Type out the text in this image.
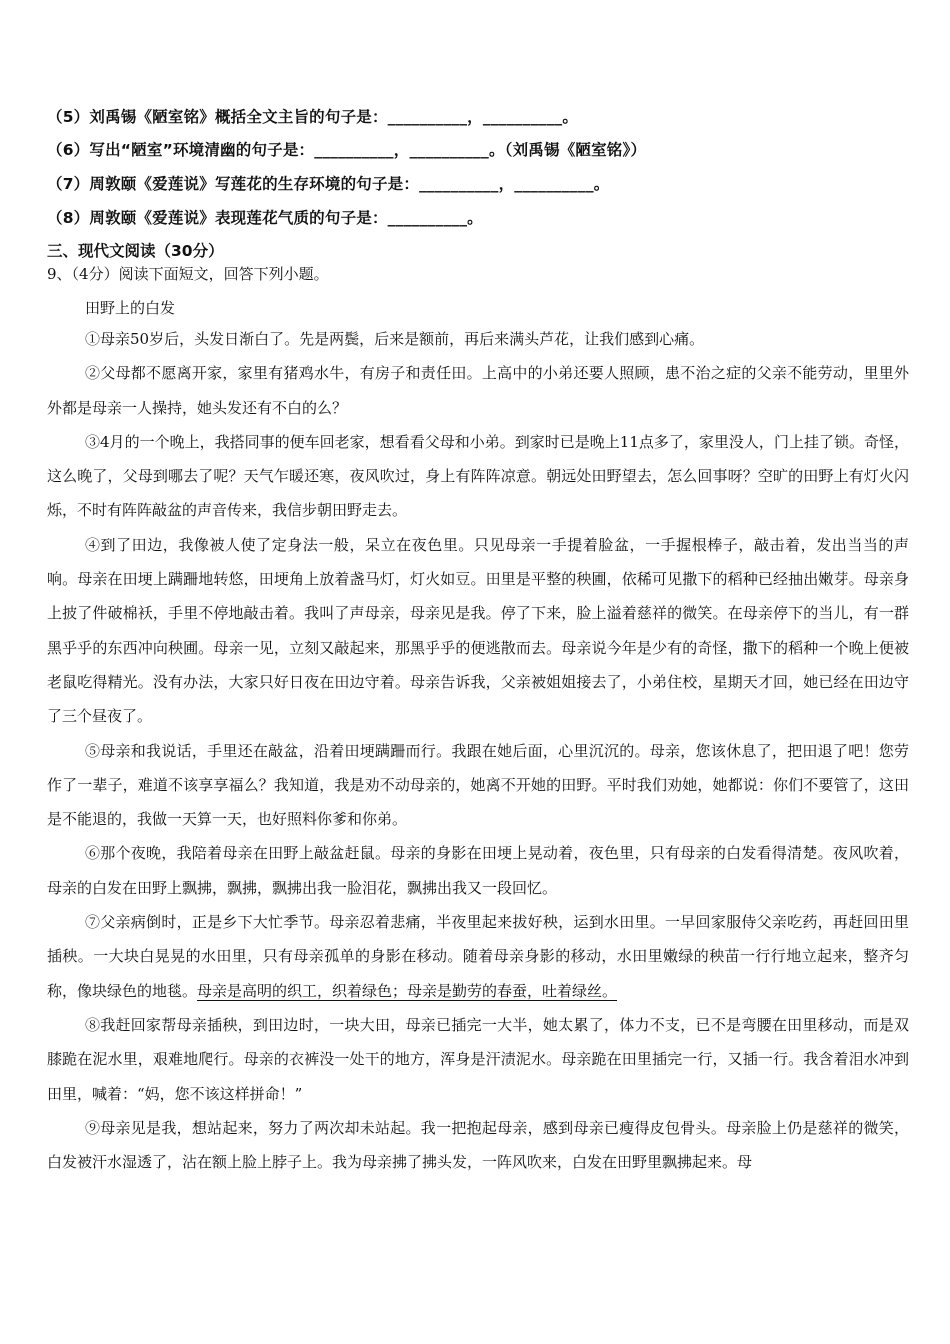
（5）刘禹锡《陋室铭》概括全文主旨的句子是：__________，__________。
（6）写出“陋室”环境清幽的句子是：__________，__________。（刘禹锡《陋室铭》）
（7）周敦颐《爱莲说》写莲花的生存环境的句子是：__________，__________。
（8）周敦颐《爱莲说》表现莲花气质的句子是：__________。
三、现代文阅读（30分）
9、（4分）阅读下面短文，回答下列小题。
田野上的白发

①母亲50岁后，头发日渐白了。先是两鬓，后来是额前，再后来满头芦花，让我们感到心痛。

②父母都不愿离开家，家里有猪鸡水牛，有房子和责任田。上高中的小弟还要人照顾，患不治之症的父亲不能劳动，里里外外都是母亲一人操持，她头发还有不白的么？

③4月的一个晚上，我搭同事的便车回老家，想看看父母和小弟。到家时已是晚上11点多了，家里没人，门上挂了锁。奇怪，这么晚了，父母到哪去了呢？天气乍暖还寒，夜风吹过，身上有阵阵凉意。朝远处田野望去，怎么回事呀？空旷的田野上有灯火闪烁，不时有阵阵敲盆的声音传来，我信步朝田野走去。

④到了田边，我像被人使了定身法一般，呆立在夜色里。只见母亲一手提着脸盆，一手握根棒子，敲击着，发出当当的声响。母亲在田埂上蹒跚地转悠，田埂角上放着盏马灯，灯火如豆。田里是平整的秧圃，依稀可见撒下的稻种已经抽出嫩芽。母亲身上披了件破棉袄，手里不停地敲击着。我叫了声母亲，母亲见是我。停了下来，脸上溢着慈祥的微笑。在母亲停下的当儿，有一群黑乎乎的东西冲向秧圃。母亲一见，立刻又敲起来，那黑乎乎的便逃散而去。母亲说今年是少有的奇怪，撒下的稻种一个晚上便被老鼠吃得精光。没有办法，大家只好日夜在田边守着。母亲告诉我，父亲被姐姐接去了，小弟住校，星期天才回，她已经在田边守了三个昼夜了。

⑤母亲和我说话，手里还在敲盆，沿着田埂蹒跚而行。我跟在她后面，心里沉沉的。母亲，您该休息了，把田退了吧！您劳作了一辈子，难道不该享享福么？我知道，我是劝不动母亲的，她离不开她的田野。平时我们劝她，她都说：你们不要管了，这田是不能退的，我做一天算一天，也好照料你爹和你弟。

⑥那个夜晚，我陪着母亲在田野上敲盆赶鼠。母亲的身影在田埂上晃动着，夜色里，只有母亲的白发看得清楚。夜风吹着，母亲的白发在田野上飘拂，飘拂，飘拂出我一脸泪花，飘拂出我又一段回忆。

⑦父亲病倒时，正是乡下大忙季节。母亲忍着悲痛，半夜里起来拔好秧，运到水田里。一早回家服侍父亲吃药，再赶回田里插秧。一大块白晃晃的水田里，只有母亲孤单的身影在移动。随着母亲身影的移动，水田里嫩绿的秧苗一行行地立起来，整齐匀称，像块绿色的地毯。母亲是高明的织工，织着绿色；母亲是勤劳的春蚕，吐着绿丝。

⑧我赶回家帮母亲插秧，到田边时，一块大田，母亲已插完一大半，她太累了，体力不支，已不是弯腰在田里移动，而是双膝跪在泥水里，艰难地爬行。母亲的衣裤没一处干的地方，浑身是汗渍泥水。母亲跪在田里插完一行，又插一行。我含着泪水冲到田里，喊着：“妈，您不该这样拼命！”

⑨母亲见是我，想站起来，努力了两次却未站起。我一把抱起母亲，感到母亲已瘦得皮包骨头。母亲脸上仍是慈祥的微笑，白发被汗水湿透了，沾在额上脸上脖子上。我为母亲拂了拂头发，一阵风吹来，白发在田野里飘拂起来。母
